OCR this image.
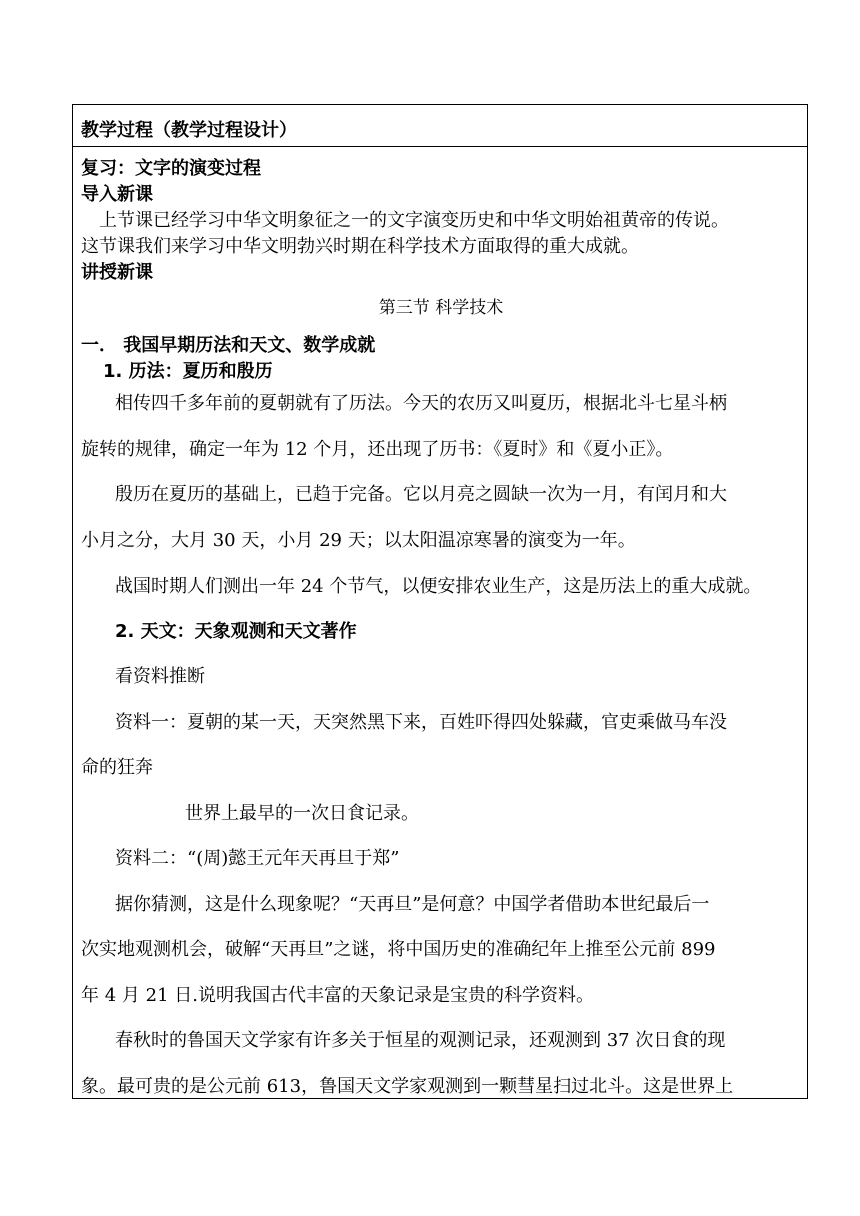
教学过程（教学过程设计）
复习：文字的演变过程
导入新课
上节课已经学习中华文明象征之一的文字演变历史和中华文明始祖黄帝的传说。
这节课我们来学习中华文明勃兴时期在科学技术方面取得的重大成就。
讲授新课
第三节 科学技术
一． 我国早期历法和天文、数学成就
1. 历法：夏历和殷历
相传四千多年前的夏朝就有了历法。今天的农历又叫夏历，根据北斗七星斗柄
旋转的规律，确定一年为 12 个月，还出现了历书：《夏时》和《夏小正》。
殷历在夏历的基础上，已趋于完备。它以月亮之圆缺一次为一月，有闰月和大
小月之分，大月 30 天，小月 29 天；以太阳温凉寒暑的演变为一年。
战国时期人们测出一年 24 个节气，以便安排农业生产，这是历法上的重大成就。
2. 天文：天象观测和天文著作
看资料推断
资料一：夏朝的某一天，天突然黑下来，百姓吓得四处躲藏，官吏乘做马车没
命的狂奔
世界上最早的一次日食记录。
资料二：“(周)懿王元年天再旦于郑”
据你猜测，这是什么现象呢？“天再旦”是何意？中国学者借助本世纪最后一
次实地观测机会，破解“天再旦”之谜，将中国历史的准确纪年上推至公元前 899
年 4 月 21 日.说明我国古代丰富的天象记录是宝贵的科学资料。
春秋时的鲁国天文学家有许多关于恒星的观测记录，还观测到 37 次日食的现
象。最可贵的是公元前 613，鲁国天文学家观测到一颗彗星扫过北斗。这是世界上
